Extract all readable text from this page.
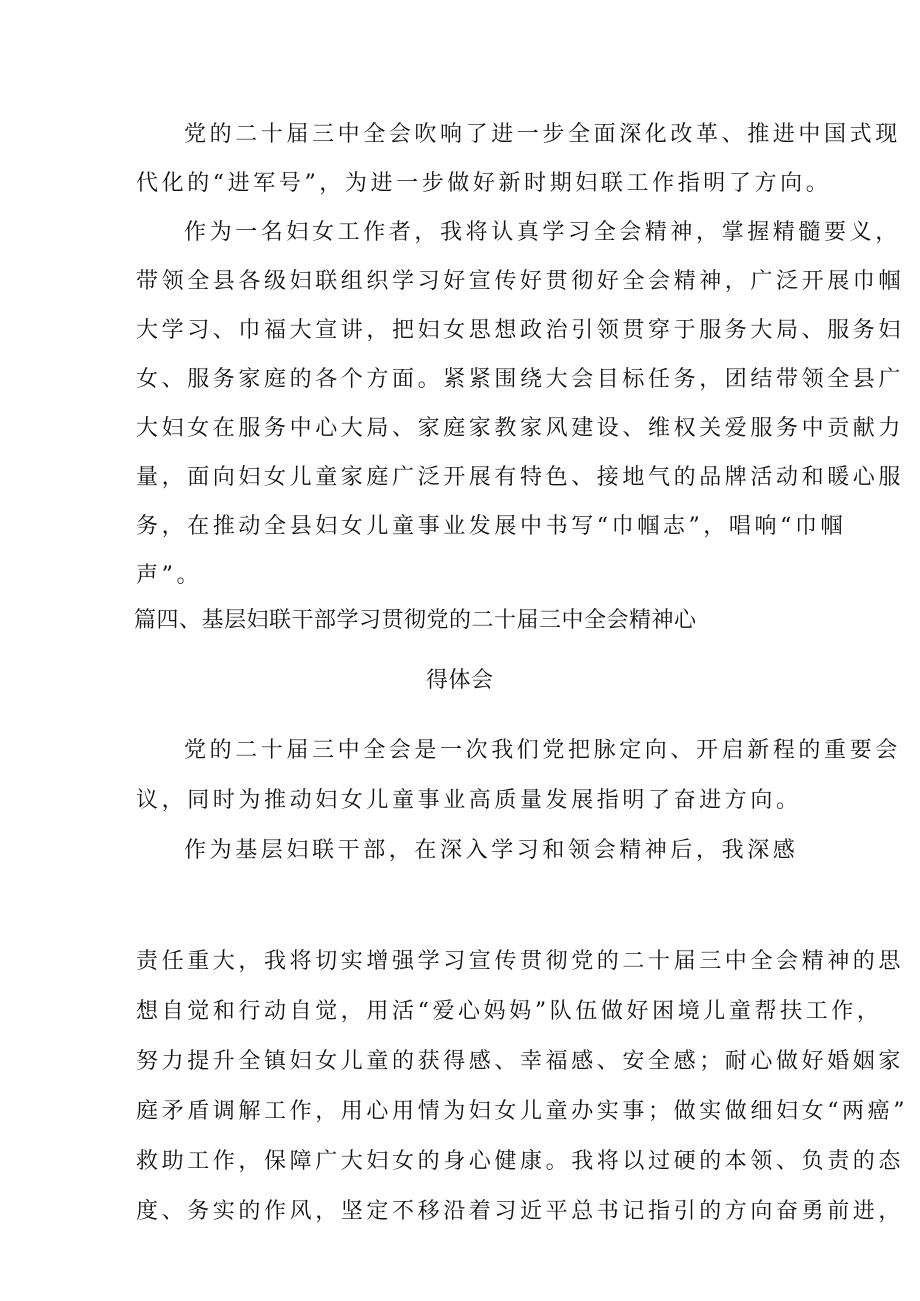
党的二十届三中全会吹响了进一步全面深化改革、推进中国式现
代化的“进军号”，为进一步做好新时期妇联工作指明了方向。
作为一名妇女工作者，我将认真学习全会精神，掌握精髓要义，
带领全县各级妇联组织学习好宣传好贯彻好全会精神，广泛开展巾帼
大学习、巾福大宣讲，把妇女思想政治引领贯穿于服务大局、服务妇
女、服务家庭的各个方面。紧紧围绕大会目标任务，团结带领全县广
大妇女在服务中心大局、家庭家教家风建设、维权关爱服务中贡献力
量，面向妇女儿童家庭广泛开展有特色、接地气的品牌活动和暖心服
务，在推动全县妇女儿童事业发展中书写“巾帼志”，唱响“巾帼
声”。
篇四、基层妇联干部学习贯彻党的二十届三中全会精神心
得体会
党的二十届三中全会是一次我们党把脉定向、开启新程的重要会
议，同时为推动妇女儿童事业高质量发展指明了奋进方向。
作为基层妇联干部，在深入学习和领会精神后，我深感
责任重大，我将切实增强学习宣传贯彻党的二十届三中全会精神的思
想自觉和行动自觉，用活“爱心妈妈”队伍做好困境儿童帮扶工作，
努力提升全镇妇女儿童的获得感、幸福感、安全感；耐心做好婚姻家
庭矛盾调解工作，用心用情为妇女儿童办实事；做实做细妇女“两癌”
救助工作，保障广大妇女的身心健康。我将以过硬的本领、负责的态
度、务实的作风，坚定不移沿着习近平总书记指引的方向奋勇前进，
